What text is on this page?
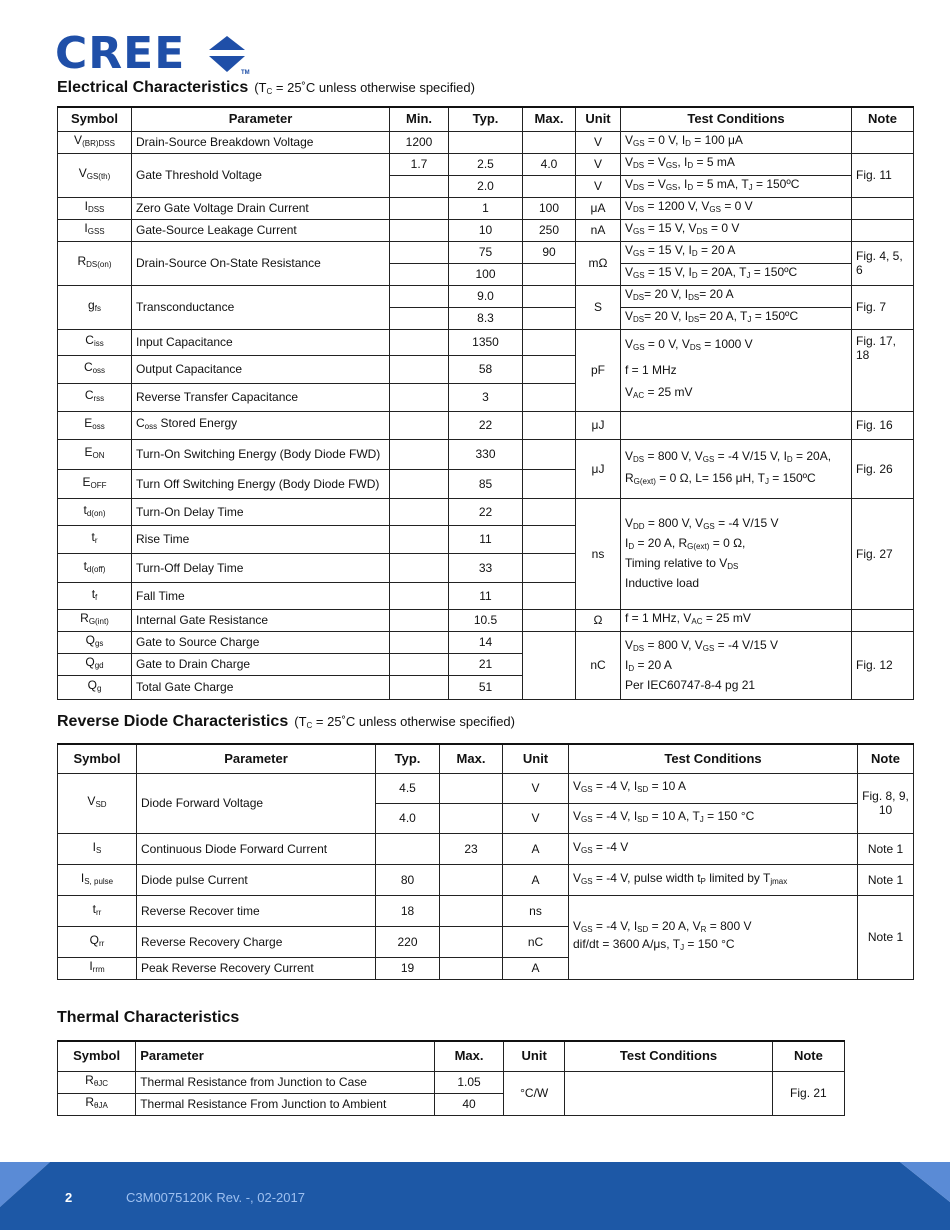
CREE	TM
Electrical Characteristics ($T_C$ = 25˚C unless otherwise specified)
Symbol	Parameter	Min.	Typ.	Max.	Unit	Test Conditions	Note
$V_{(BR)DSS}$	Drain-Source Breakdown Voltage	1200			V	$V_{GS} = 0$ V, $I_D = 100$ μA	
$V_{GS(th)}$	Gate Threshold Voltage	1.7	2.5	4.0	V	$V_{DS} = V_{GS}$, $I_D = 5$ mA	Fig. 11
			2.0		V	$V_{DS} = V_{GS}$, $I_D = 5$ mA, $T_J$ = 150ºC	
$I_{DSS}$	Zero Gate Voltage Drain Current		1	100	μA	$V_{DS} = 1200$ V, $V_{GS} = 0$ V	
$I_{GSS}$	Gate-Source Leakage Current		10	250	nA	$V_{GS} = 15$ V, $V_{DS} = 0$ V	
$R_{DS(on)}$	Drain-Source On-State Resistance		75	90	mΩ	$V_{GS} = 15$ V, $I_D = 20$ A	Fig. 4, 5, 6
			100			$V_{GS} = 15$ V, $I_D = 20A$, $T_J$ = 150ºC	
$g_{fs}$	Transconductance		9.0		S	$V_{DS}= 20$ V, $I_{DS}= 20$ A	Fig. 7
			8.3			$V_{DS}= 20$ V, $I_{DS}= 20$ A, $T_J$ = 150ºC	
$C_{iss}$	Input Capacitance		1350		pF	$V_{GS} = 0$ V, $V_{DS} = 1000$ V
f = 1 MHz
$V_{AC} = 25$ mV	Fig. 17, 18
$C_{oss}$	Output Capacitance		58				
$C_{rss}$	Reverse Transfer Capacitance		3				
$E_{oss}$	$C_{oss}$ Stored Energy		22		μJ		Fig. 16
$E_{ON}$	Turn-On Switching Energy (Body Diode FWD)		330		μJ	$V_{DS} = 800$ V, $V_{GS} = -4$ V/15 V, $I_D = 20A$,
$R_{G(ext)} = 0$ Ω, L= 156 μH, $T_J$ = 150ºC	Fig. 26
$E_{OFF}$	Turn Off Switching Energy (Body Diode FWD)		85				
$t_{d(on)}$	Turn-On Delay Time		22		ns	$V_{DD} = 800$ V, $V_{GS} = -4$ V/15 V
$I_D = 20$ A, $R_{G(ext)} = 0$ Ω,
Timing relative to $V_{DS}$
Inductive load	Fig. 27
$t_r$	Rise Time		11				
$t_{d(off)}$	Turn-Off Delay Time		33				
$t_f$	Fall Time		11				
$R_{G(int)}$	Internal Gate Resistance		10.5		Ω	f = 1 MHz, $V_{AC} = 25$ mV	
$Q_{gs}$	Gate to Source Charge		14		nC	$V_{DS} = 800$ V, $V_{GS} = -4$ V/15 V
$I_D = 20$ A
Per IEC60747-8-4 pg 21	Fig. 12
$Q_{gd}$	Gate to Drain Charge		21				
$Q_g$	Total Gate Charge		51				
Reverse Diode Characteristics ($T_C$ = 25˚C unless otherwise specified)
Symbol	Parameter	Typ.	Max.	Unit	Test Conditions	Note
$V_{SD}$	Diode Forward Voltage	4.5		V	$V_{GS} = -4$ V, $I_{SD} = 10$ A	Fig. 8, 9, 10
		4.0		V	$V_{GS} = -4$ V, $I_{SD} = 10$ A, $T_J = 150$ °C	
$I_S$	Continuous Diode Forward Current		23	A	$V_{GS} = -4$ V	Note 1
$I_{S, pulse}$	Diode pulse Current	80		A	$V_{GS} = -4$ V, pulse width $t_P$ limited by $T_{jmax}$	Note 1
$t_{rr}$	Reverse Recover time	18		ns	$V_{GS} = -4$ V, $I_{SD} = 20$ A, $V_R = 800$ V
dif/dt = 3600 A/μs, $T_J = 150$ °C	Note 1
$Q_{rr}$	Reverse Recovery Charge	220		nC		
$I_{rrm}$	Peak Reverse Recovery Current	19		A		
Thermal Characteristics
Symbol	Parameter	Max.	Unit	Test Conditions	Note
$R_{\theta JC}$	Thermal Resistance from Junction to Case	1.05	°C/W		Fig. 21
$R_{\theta JA}$	Thermal Resistance From Junction to Ambient	40			
2	C3M0075120K Rev. -, 02-2017
